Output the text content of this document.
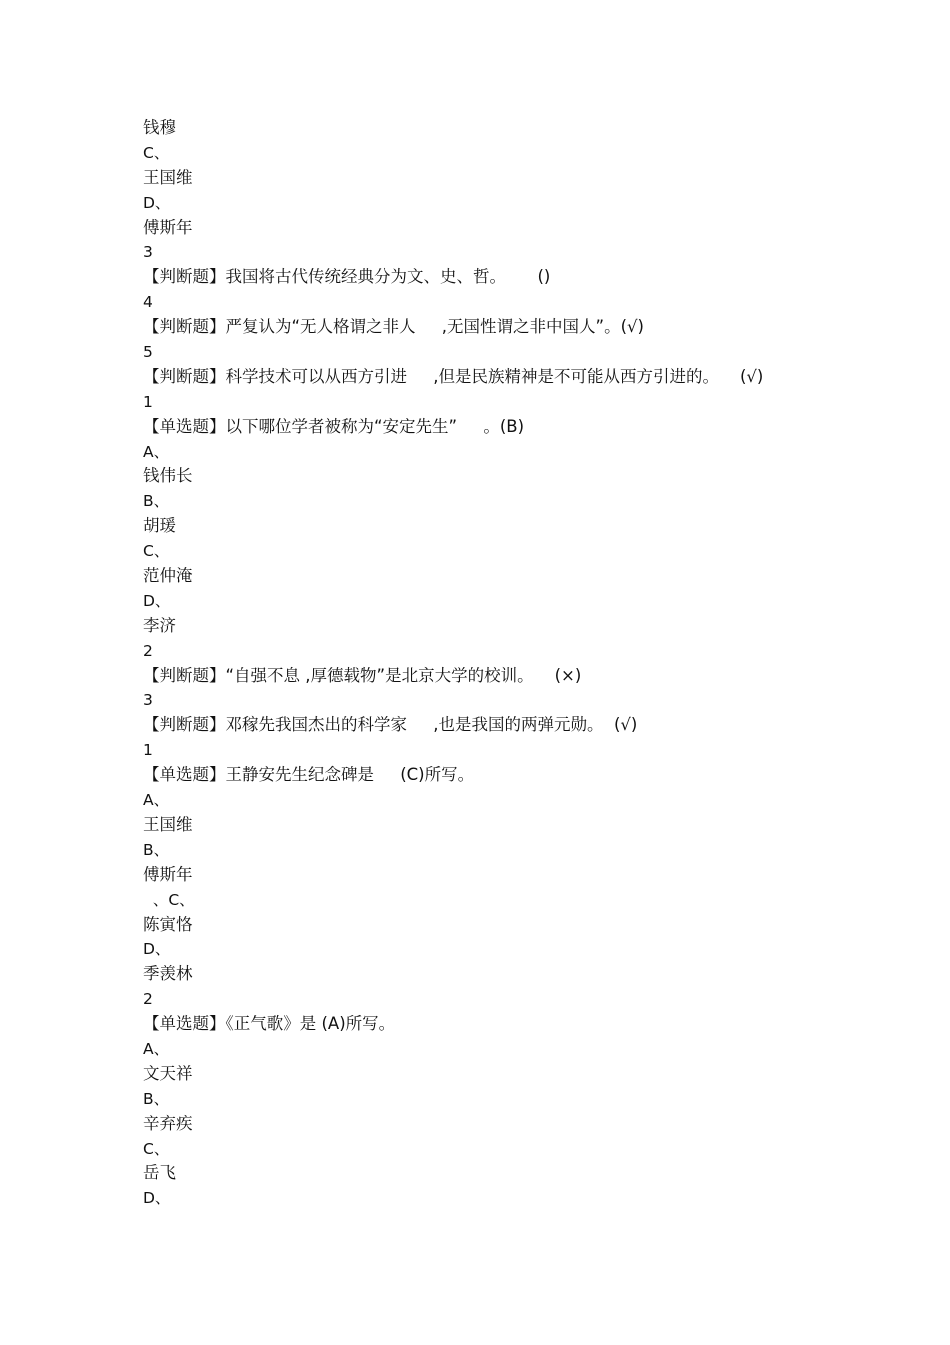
钱穆
C、
王国维
D、
傅斯年
3
【判断题】我国将古代传统经典分为文、史、哲。      ()
4
【判断题】严复认为“无人格谓之非人     ,无国性谓之非中国人”。(√)
5
【判断题】科学技术可以从西方引进     ,但是民族精神是不可能从西方引进的。    (√)
1
【单选题】以下哪位学者被称为“安定先生”     。(B)
A、
钱伟长
B、
胡瑗
C、
范仲淹
D、
李济
2
【判断题】“自强不息 ,厚德载物”是北京大学的校训。    (×)
3
【判断题】邓稼先我国杰出的科学家     ,也是我国的两弹元勋。  (√)
1
【单选题】王静安先生纪念碑是     (C)所写。
A、
王国维
B、
傅斯年
、C、
陈寅恪
D、
季羡林
2
【单选题】《正气歌》是 (A)所写。
A、
文天祥
B、
辛弃疾
C、
岳飞
D、
